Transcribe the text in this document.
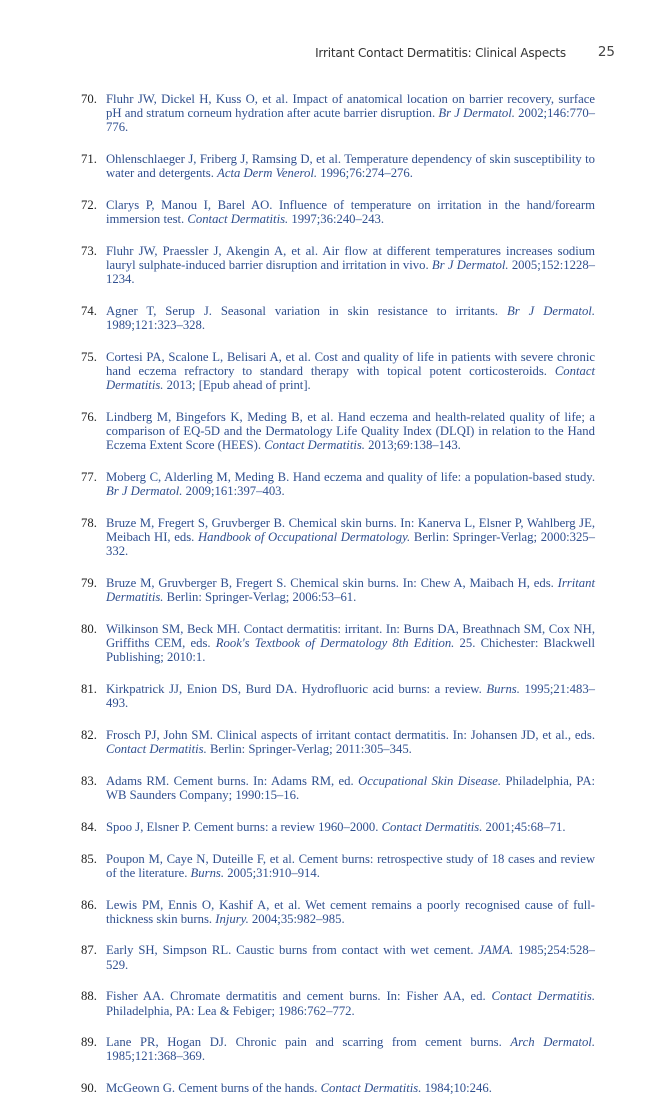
Irritant Contact Dermatitis: Clinical Aspects 25
70. Fluhr JW, Dickel H, Kuss O, et al. Impact of anatomical location on barrier recovery, surface pH and stratum corneum hydration after acute barrier disruption. Br J Dermatol. 2002;146:770–776.
71. Ohlenschlaeger J, Friberg J, Ramsing D, et al. Temperature dependency of skin susceptibility to water and detergents. Acta Derm Venerol. 1996;76:274–276.
72. Clarys P, Manou I, Barel AO. Influence of temperature on irritation in the hand/forearm immersion test. Contact Dermatitis. 1997;36:240–243.
73. Fluhr JW, Praessler J, Akengin A, et al. Air flow at different temperatures increases sodium lauryl sulphate-induced barrier disruption and irritation in vivo. Br J Dermatol. 2005;152:1228–1234.
74. Agner T, Serup J. Seasonal variation in skin resistance to irritants. Br J Dermatol. 1989;121:323–328.
75. Cortesi PA, Scalone L, Belisari A, et al. Cost and quality of life in patients with severe chronic hand eczema refractory to standard therapy with topical potent corticosteroids. Contact Dermatitis. 2013; [Epub ahead of print].
76. Lindberg M, Bingefors K, Meding B, et al. Hand eczema and health-related quality of life; a comparison of EQ-5D and the Dermatology Life Quality Index (DLQI) in relation to the Hand Eczema Extent Score (HEES). Contact Dermatitis. 2013;69:138–143.
77. Moberg C, Alderling M, Meding B. Hand eczema and quality of life: a population-based study. Br J Dermatol. 2009;161:397–403.
78. Bruze M, Fregert S, Gruvberger B. Chemical skin burns. In: Kanerva L, Elsner P, Wahlberg JE, Meibach HI, eds. Handbook of Occupational Dermatology. Berlin: Springer-Verlag; 2000:325–332.
79. Bruze M, Gruvberger B, Fregert S. Chemical skin burns. In: Chew A, Maibach H, eds. Irritant Dermatitis. Berlin: Springer-Verlag; 2006:53–61.
80. Wilkinson SM, Beck MH. Contact dermatitis: irritant. In: Burns DA, Breathnach SM, Cox NH, Griffiths CEM, eds. Rook's Textbook of Dermatology 8th Edition. 25. Chichester: Blackwell Publishing; 2010:1.
81. Kirkpatrick JJ, Enion DS, Burd DA. Hydrofluoric acid burns: a review. Burns. 1995;21:483–493.
82. Frosch PJ, John SM. Clinical aspects of irritant contact dermatitis. In: Johansen JD, et al., eds. Contact Dermatitis. Berlin: Springer-Verlag; 2011:305–345.
83. Adams RM. Cement burns. In: Adams RM, ed. Occupational Skin Disease. Philadelphia, PA: WB Saunders Company; 1990:15–16.
84. Spoo J, Elsner P. Cement burns: a review 1960–2000. Contact Dermatitis. 2001;45:68–71.
85. Poupon M, Caye N, Duteille F, et al. Cement burns: retrospective study of 18 cases and review of the literature. Burns. 2005;31:910–914.
86. Lewis PM, Ennis O, Kashif A, et al. Wet cement remains a poorly recognised cause of full-thickness skin burns. Injury. 2004;35:982–985.
87. Early SH, Simpson RL. Caustic burns from contact with wet cement. JAMA. 1985;254:528–529.
88. Fisher AA. Chromate dermatitis and cement burns. In: Fisher AA, ed. Contact Dermatitis. Philadelphia, PA: Lea & Febiger; 1986:762–772.
89. Lane PR, Hogan DJ. Chronic pain and scarring from cement burns. Arch Dermatol. 1985;121:368–369.
90. McGeown G. Cement burns of the hands. Contact Dermatitis. 1984;10:246.
